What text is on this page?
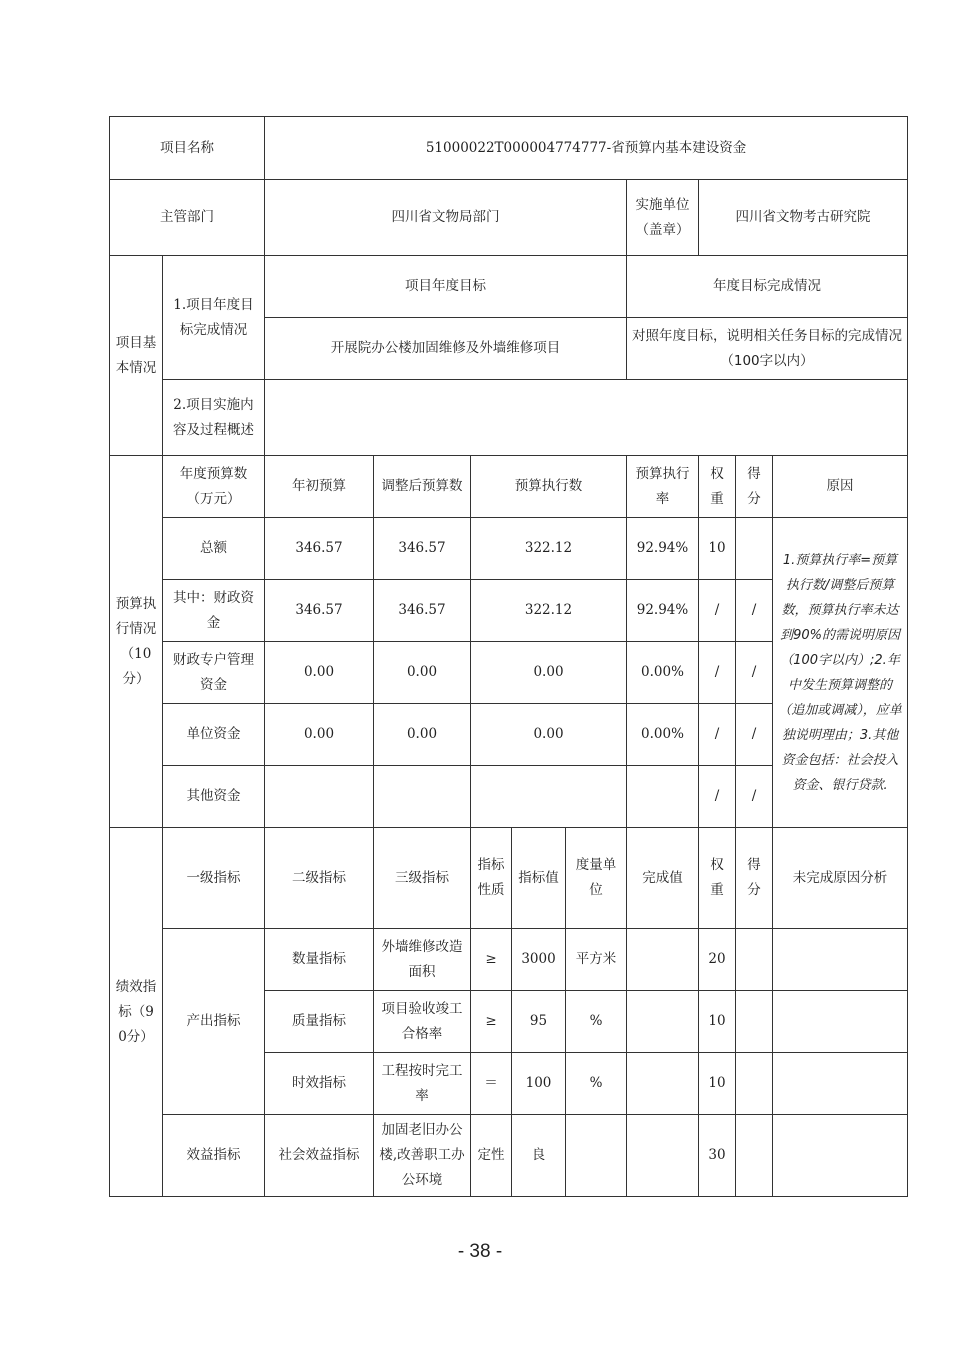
项目名称		51000022T000004774777-省预算内基本建设资金								
主管部门		四川省文物局部门					实施单位（盖章）	四川省文物考古研究院		
项目基本情况	1.项目年度目标完成情况	项目年度目标					年度目标完成情况			
		开展院办公楼加固维修及外墙维修项目					对照年度目标，说明相关任务目标的完成情况（100字以内）			
	2.项目实施内容及过程概述									
预算执行情况（10分）	年度预算数（万元）	年初预算	调整后预算数	预算执行数			预算执行率	权重	得分	原因
	总额	346.57	346.57	322.12			92.94%	10		1.预算执行率=预算执行数/调整后预算数，预算执行率未达到90%的需说明原因（100字以内）;2.年中发生预算调整的（追加或调减），应单独说明理由；3.其他资金包括：社会投入资金、银行贷款.
	其中：财政资金	346.57	346.57	322.12			92.94%	/	/	
	财政专户管理资金	0.00	0.00	0.00			0.00%	/	/	
	单位资金	0.00	0.00	0.00			0.00%	/	/	
	其他资金							/	/	
绩效指标（90分）	一级指标	二级指标	三级指标	指标性质	指标值	度量单位	完成值	权重	得分	未完成原因分析
	产出指标	数量指标	外墙维修改造面积	≥	3000	平方米		20		
		质量指标	项目验收竣工合格率	≥	95	%		10		
		时效指标	工程按时完工率	＝	100	%		10		
	效益指标	社会效益指标	加固老旧办公楼,改善职工办公环境	定性	良			30		
- 38 -
